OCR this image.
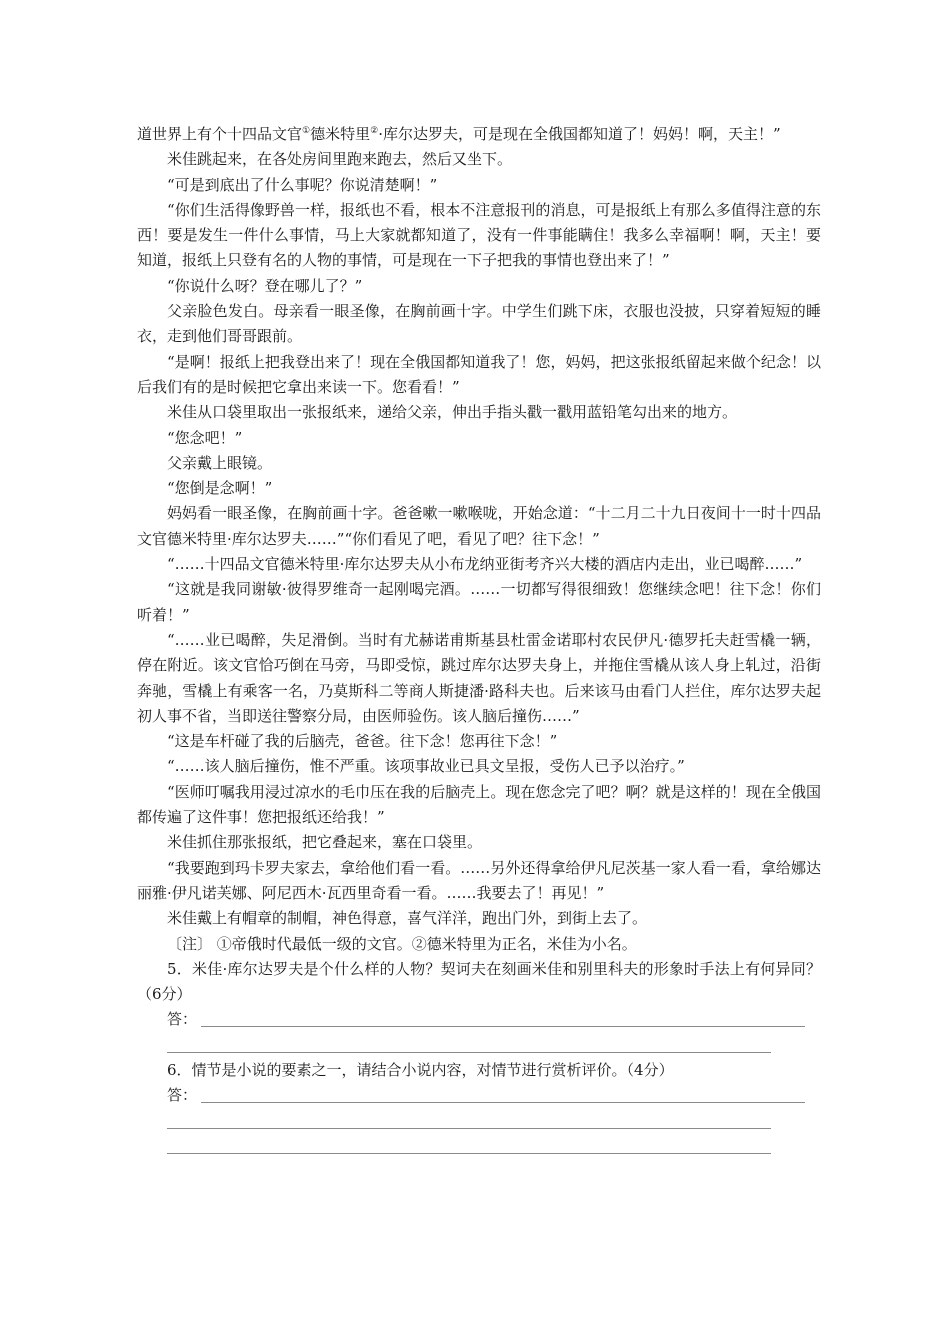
道世界上有个十四品文官①德米特里②·库尔达罗夫，可是现在全俄国都知道了！妈妈！啊，天主！”

米佳跳起来，在各处房间里跑来跑去，然后又坐下。

“可是到底出了什么事呢？你说清楚啊！”

“你们生活得像野兽一样，报纸也不看，根本不注意报刊的消息，可是报纸上有那么多值得注意的东西！要是发生一件什么事情，马上大家就都知道了，没有一件事能瞒住！我多么幸福啊！啊，天主！要知道，报纸上只登有名的人物的事情，可是现在一下子把我的事情也登出来了！”

“你说什么呀？登在哪儿了？”

父亲脸色发白。母亲看一眼圣像，在胸前画十字。中学生们跳下床，衣服也没披，只穿着短短的睡衣，走到他们哥哥跟前。

“是啊！报纸上把我登出来了！现在全俄国都知道我了！您，妈妈，把这张报纸留起来做个纪念！以后我们有的是时候把它拿出来读一下。您看看！”

米佳从口袋里取出一张报纸来，递给父亲，伸出手指头戳一戳用蓝铅笔勾出来的地方。

“您念吧！”

父亲戴上眼镜。

“您倒是念啊！”

妈妈看一眼圣像，在胸前画十字。爸爸嗽一嗽喉咙，开始念道：“十二月二十九日夜间十一时十四品文官德米特里·库尔达罗夫……”“你们看见了吧，看见了吧？往下念！”

“……十四品文官德米特里·库尔达罗夫从小布龙纳亚街考齐兴大楼的酒店内走出，业已喝醉……”

“这就是我同谢敏·彼得罗维奇一起刚喝完酒。……一切都写得很细致！您继续念吧！往下念！你们听着！”

“……业已喝醉，失足滑倒。当时有尤赫诺甫斯基县杜雷金诺耶村农民伊凡·德罗托夫赶雪橇一辆，停在附近。该文官恰巧倒在马旁，马即受惊，跳过库尔达罗夫身上，并拖住雪橇从该人身上轧过，沿街奔驰，雪橇上有乘客一名，乃莫斯科二等商人斯捷潘·路科夫也。后来该马由看门人拦住，库尔达罗夫起初人事不省，当即送往警察分局，由医师验伤。该人脑后撞伤……”

“这是车杆碰了我的后脑壳，爸爸。往下念！您再往下念！”

“……该人脑后撞伤，惟不严重。该项事故业已具文呈报，受伤人已予以治疗。”

“医师叮嘱我用浸过凉水的毛巾压在我的后脑壳上。现在您念完了吧？啊？就是这样的！现在全俄国都传遍了这件事！您把报纸还给我！”

米佳抓住那张报纸，把它叠起来，塞在口袋里。

“我要跑到玛卡罗夫家去，拿给他们看一看。……另外还得拿给伊凡尼茨基一家人看一看，拿给娜达丽雅·伊凡诺芙娜、阿尼西木·瓦西里奇看一看。……我要去了！再见！”

米佳戴上有帽章的制帽，神色得意，喜气洋洋，跑出门外，到街上去了。

〔注〕 ①帝俄时代最低一级的文官。②德米特里为正名，米佳为小名。

5．米佳·库尔达罗夫是个什么样的人物？契诃夫在刻画米佳和别里科夫的形象时手法上有何异同？（6分）

答：

6．情节是小说的要素之一，请结合小说内容，对情节进行赏析评价。（4分）

答：
